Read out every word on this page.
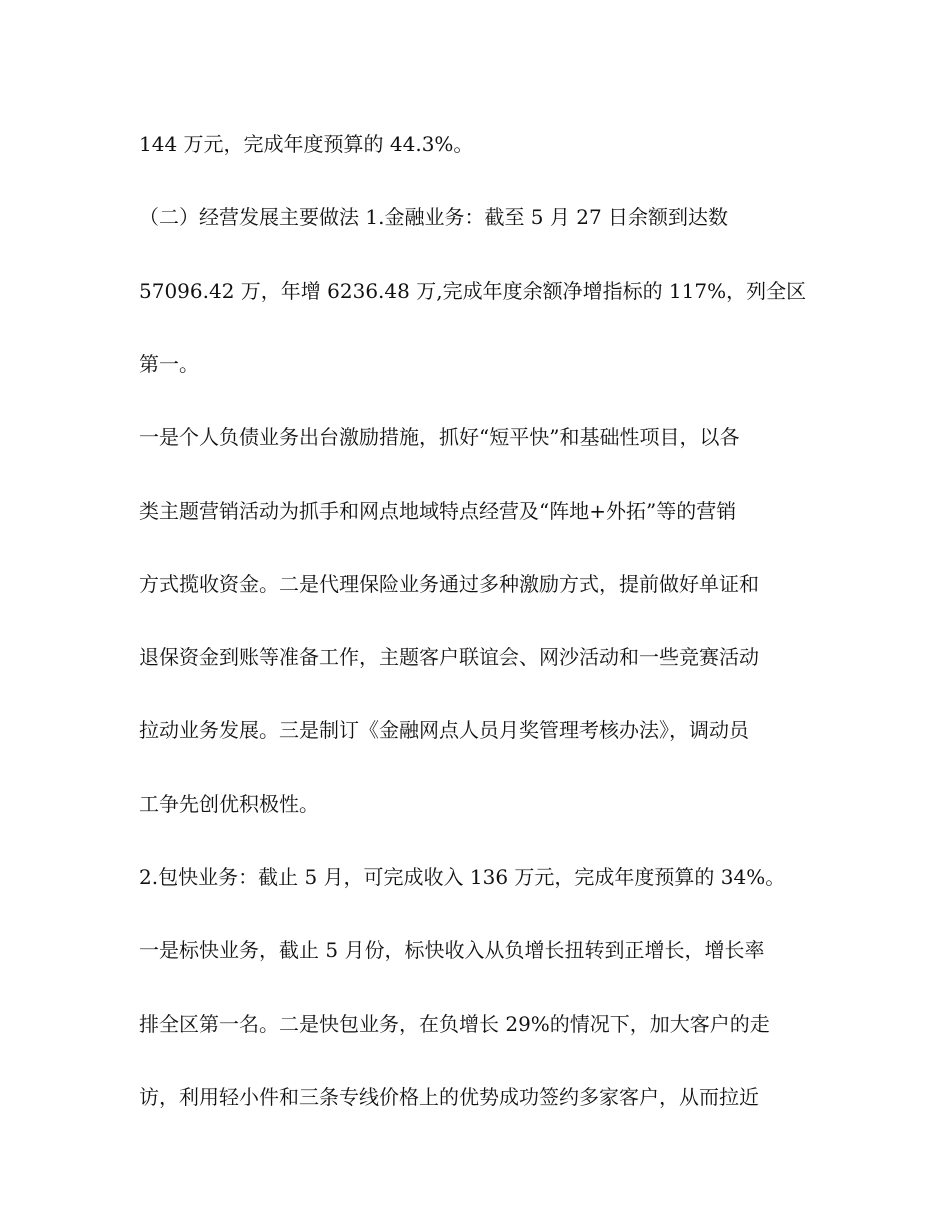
144 万元，完成年度预算的 44.3%。

（二）经营发展主要做法 1.金融业务：截至 5 月 27 日余额到达数

57096.42 万，年增 6236.48 万,完成年度余额净增指标的 117%，列全区

第一。

一是个人负债业务出台激励措施，抓好“短平快”和基础性项目，以各

类主题营销活动为抓手和网点地域特点经营及“阵地+外拓”等的营销

方式揽收资金。二是代理保险业务通过多种激励方式，提前做好单证和

退保资金到账等准备工作，主题客户联谊会、网沙活动和一些竞赛活动

拉动业务发展。三是制订《金融网点人员月奖管理考核办法》，调动员

工争先创优积极性。

2.包快业务：截止 5 月，可完成收入 136 万元，完成年度预算的 34%。

一是标快业务，截止 5 月份，标快收入从负增长扭转到正增长，增长率

排全区第一名。二是快包业务，在负增长 29%的情况下，加大客户的走

访，利用轻小件和三条专线价格上的优势成功签约多家客户，从而拉近
